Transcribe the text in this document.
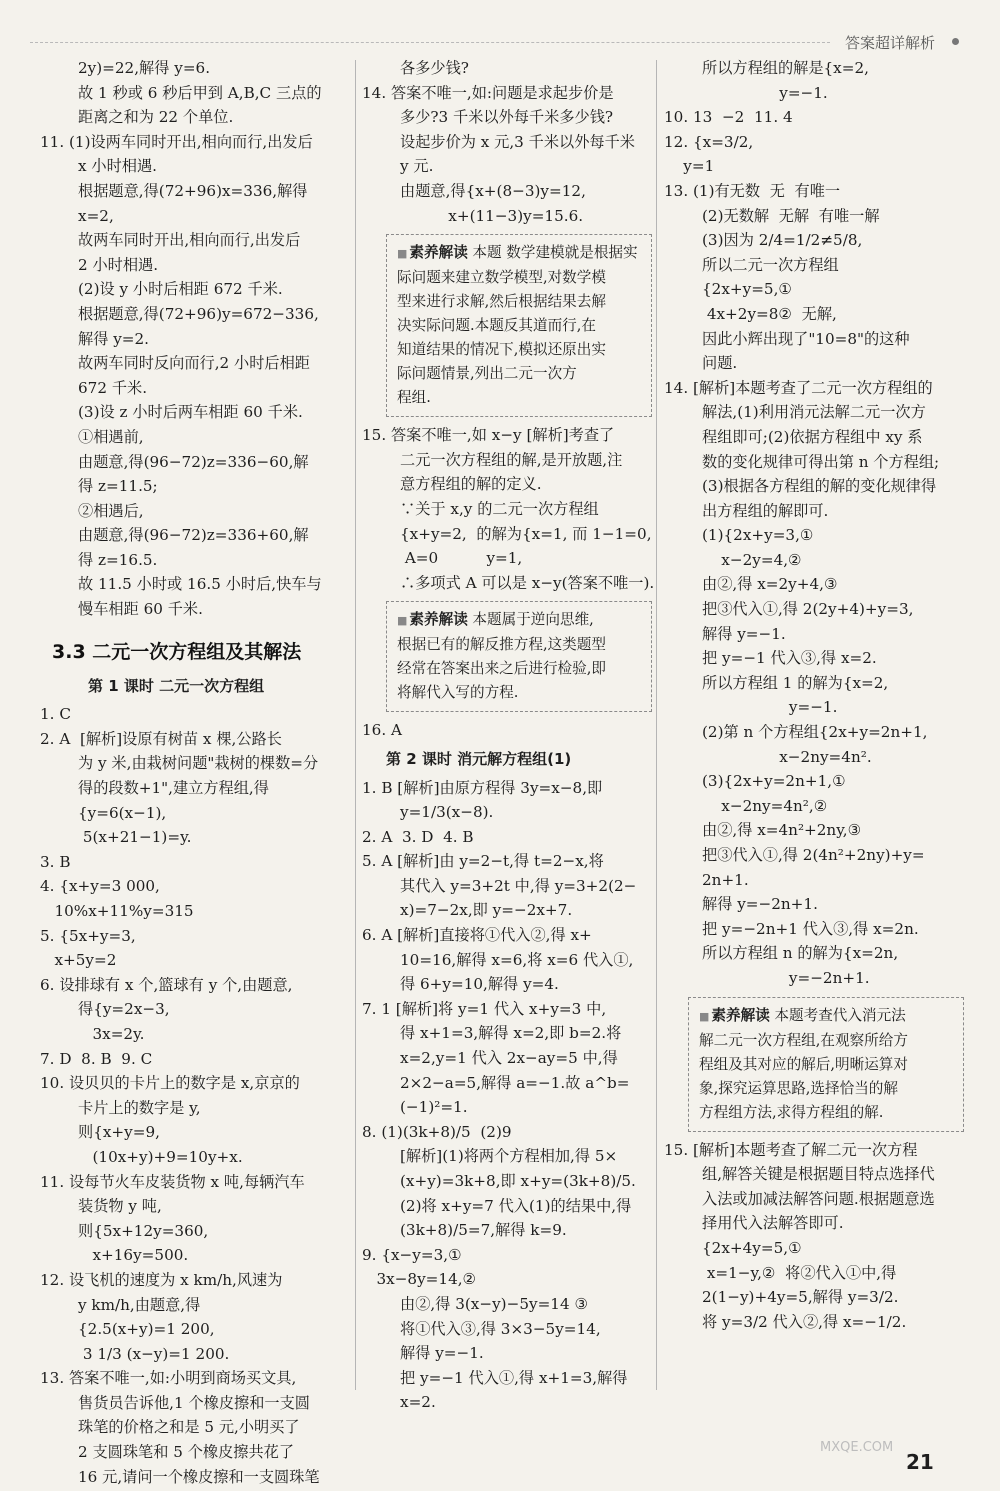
答案超详解析
2y)=22,解得 y=6.
故 1 秒或 6 秒后甲到 A,B,C 三点的
距离之和为 22 个单位.
11. (1)设两车同时开出,相向而行,出发后
x 小时相遇.
根据题意,得(72+96)x=336,解得
x=2,
故两车同时开出,相向而行,出发后
2 小时相遇.
(2)设 y 小时后相距 672 千米.
根据题意,得(72+96)y=672−336,
解得 y=2.
故两车同时反向而行,2 小时后相距
672 千米.
(3)设 z 小时后两车相距 60 千米.
①相遇前,
由题意,得(96−72)z=336−60,解
得 z=11.5;
②相遇后,
由题意,得(96−72)z=336+60,解
得 z=16.5.
故 11.5 小时或 16.5 小时后,快车与
慢车相距 60 千米.
3.3 二元一次方程组及其解法
第 1 课时 二元一次方程组
1. C
2. A  [解析]设原有树苗 x 棵,公路长
为 y 米,由栽树问题"栽树的棵数=分
得的段数+1",建立方程组,得
{y=6(x−1),
5(x+21−1)=y.
3. B
4. {x+y=3 000,
10%x+11%y=315
5. {5x+y=3,
x+5y=2
6. 设排球有 x 个,篮球有 y 个,由题意,
得{y=2x−3,
3x=2y.
7. D  8. B  9. C
10. 设贝贝的卡片上的数字是 x,京京的
卡片上的数字是 y,
则{x+y=9,
(10x+y)+9=10y+x.
11. 设每节火车皮装货物 x 吨,每辆汽车
装货物 y 吨,
则{5x+12y=360,
x+16y=500.
12. 设飞机的速度为 x km/h,风速为
y km/h,由题意,得
{2.5(x+y)=1 200,
3 1/3 (x−y)=1 200.
13. 答案不唯一,如:小明到商场买文具,
售货员告诉他,1 个橡皮擦和一支圆
珠笔的价格之和是 5 元,小明买了
2 支圆珠笔和 5 个橡皮擦共花了
16 元,请问一个橡皮擦和一支圆珠笔
各多少钱?
14. 答案不唯一,如:问题是求起步价是
多少?3 千米以外每千米多少钱?
设起步价为 x 元,3 千米以外每千米
y 元.
由题意,得{x+(8−3)y=12,
x+(11−3)y=15.6.
■ 素养解读 本题 数学建模就是根据实
际问题来建立数学模型,对数学模
型来进行求解,然后根据结果去解
决实际问题.本题反其道而行,在
知道结果的情况下,模拟还原出实
际问题情景,列出二元一次方
程组.
15. 答案不唯一,如 x−y [解析]考查了
二元一次方程组的解,是开放题,注
意方程组的解的定义.
∵关于 x,y 的二元一次方程组
{x+y=2,  的解为{x=1, 而 1−1=0,
A=0          y=1,
∴多项式 A 可以是 x−y(答案不唯一).
■ 素养解读 本题属于逆向思维,
根据已有的解反推方程,这类题型
经常在答案出来之后进行检验,即
将解代入写的方程.
16. A
第 2 课时 消元解方程组(1)
1. B [解析]由原方程得 3y=x−8,即
y=1/3(x−8).
2. A  3. D  4. B
5. A [解析]由 y=2−t,得 t=2−x,将
其代入 y=3+2t 中,得 y=3+2(2−
x)=7−2x,即 y=−2x+7.
6. A [解析]直接将①代入②,得 x+
10=16,解得 x=6,将 x=6 代入①,
得 6+y=10,解得 y=4.
7. 1 [解析]将 y=1 代入 x+y=3 中,
得 x+1=3,解得 x=2,即 b=2.将
x=2,y=1 代入 2x−ay=5 中,得
2×2−a=5,解得 a=−1.故 a^b=
(−1)²=1.
8. (1)(3k+8)/5  (2)9
[解析](1)将两个方程相加,得 5×
(x+y)=3k+8,即 x+y=(3k+8)/5.
(2)将 x+y=7 代入(1)的结果中,得
(3k+8)/5=7,解得 k=9.
9. {x−y=3,①
3x−8y=14,②
由②,得 3(x−y)−5y=14 ③
将①代入③,得 3×3−5y=14,
解得 y=−1.
把 y=−1 代入①,得 x+1=3,解得
x=2.
所以方程组的解是{x=2,
y=−1.
10. 13  −2  11. 4
12. {x=3/2,
y=1
13. (1)有无数  无  有唯一
(2)无数解  无解  有唯一解
(3)因为 2/4=1/2≠5/8,
所以二元一次方程组
{2x+y=5,①
4x+2y=8②  无解,
因此小辉出现了"10=8"的这种
问题.
14. [解析]本题考查了二元一次方程组的
解法,(1)利用消元法解二元一次方
程组即可;(2)依据方程组中 xy 系
数的变化规律可得出第 n 个方程组;
(3)根据各方程组的解的变化规律得
出方程组的解即可.
(1){2x+y=3,①
x−2y=4,②
由②,得 x=2y+4,③
把③代入①,得 2(2y+4)+y=3,
解得 y=−1.
把 y=−1 代入③,得 x=2.
所以方程组 1 的解为{x=2,
y=−1.
(2)第 n 个方程组{2x+y=2n+1,
x−2ny=4n².
(3){2x+y=2n+1,①
x−2ny=4n²,②
由②,得 x=4n²+2ny,③
把③代入①,得 2(4n²+2ny)+y=
2n+1.
解得 y=−2n+1.
把 y=−2n+1 代入③,得 x=2n.
所以方程组 n 的解为{x=2n,
y=−2n+1.
■ 素养解读 本题考查代入消元法
解二元一次方程组,在观察所给方
程组及其对应的解后,明晰运算对
象,探究运算思路,选择恰当的解
方程组方法,求得方程组的解.
15. [解析]本题考查了解二元一次方程
组,解答关键是根据题目特点选择代
入法或加减法解答问题.根据题意选
择用代入法解答即可.
{2x+4y=5,①
x=1−y,②  将②代入①中,得
2(1−y)+4y=5,解得 y=3/2.
将 y=3/2 代入②,得 x=−1/2.
MXQE.COM
21
